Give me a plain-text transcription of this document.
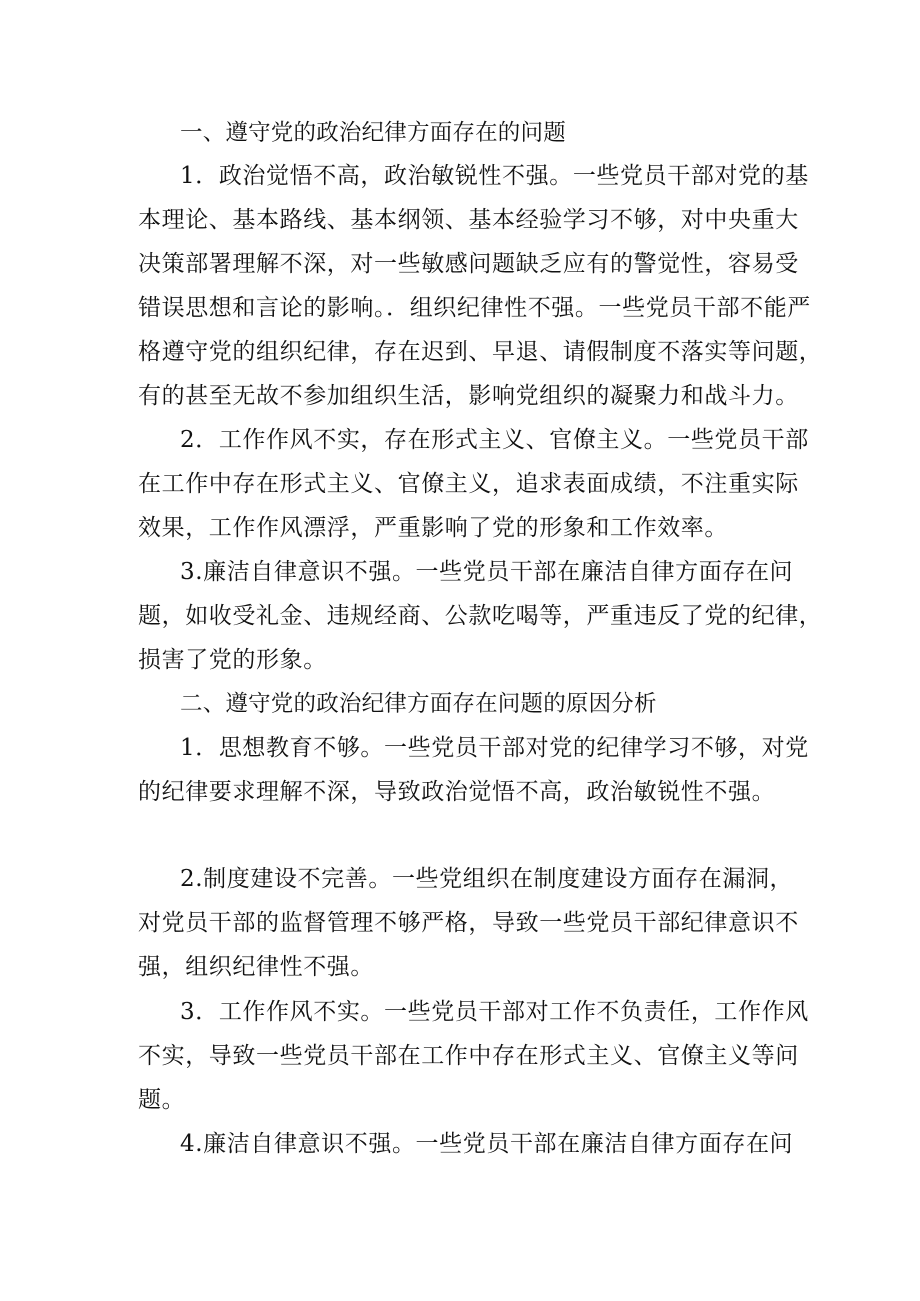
一、遵守党的政治纪律方面存在的问题
1．政治觉悟不高，政治敏锐性不强。一些党员干部对党的基
本理论、基本路线、基本纲领、基本经验学习不够，对中央重大
决策部署理解不深，对一些敏感问题缺乏应有的警觉性，容易受
错误思想和言论的影响。．组织纪律性不强。一些党员干部不能严
格遵守党的组织纪律，存在迟到、早退、请假制度不落实等问题，
有的甚至无故不参加组织生活，影响党组织的凝聚力和战斗力。
2．工作作风不实，存在形式主义、官僚主义。一些党员干部
在工作中存在形式主义、官僚主义，追求表面成绩，不注重实际
效果，工作作风漂浮，严重影响了党的形象和工作效率。
3.廉洁自律意识不强。一些党员干部在廉洁自律方面存在问
题，如收受礼金、违规经商、公款吃喝等，严重违反了党的纪律，
损害了党的形象。
二、遵守党的政治纪律方面存在问题的原因分析
1．思想教育不够。一些党员干部对党的纪律学习不够，对党
的纪律要求理解不深，导致政治觉悟不高，政治敏锐性不强。
2.制度建设不完善。一些党组织在制度建设方面存在漏洞，
对党员干部的监督管理不够严格，导致一些党员干部纪律意识不
强，组织纪律性不强。
3．工作作风不实。一些党员干部对工作不负责任，工作作风
不实，导致一些党员干部在工作中存在形式主义、官僚主义等问
题。
4.廉洁自律意识不强。一些党员干部在廉洁自律方面存在问
